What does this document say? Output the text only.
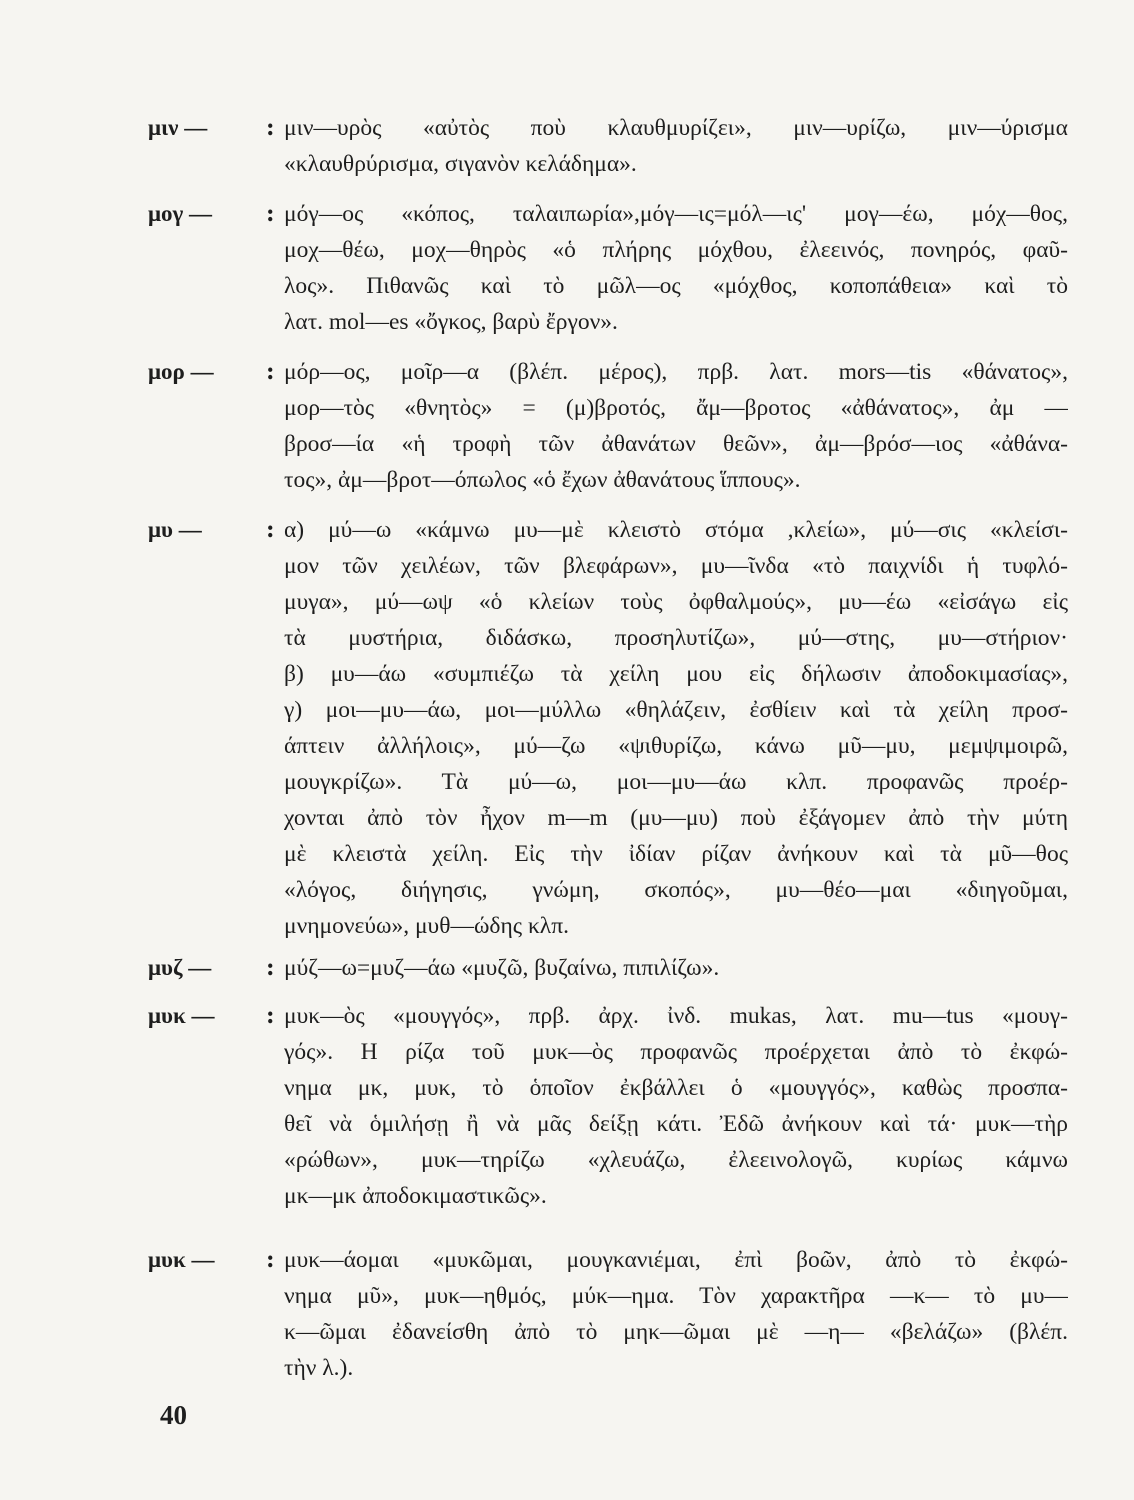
μιν —	: μιν—υρὸς «αὐτὸς ποὺ κλαυθμυρίζει», μιν—υρίζω, μιν—ύρισμα
«κλαυθρύρισμα, σιγανὸν κελάδημα».
μογ —	: μόγ—ος «κόπος, ταλαιπωρία»,μόγ—ις=μόλ—ις' μογ—έω, μόχ—θος,
μοχ—θέω, μοχ—θηρὸς «ὁ πλήρης μόχθου, ἐλεεινός, πονηρός, φαῦ-
λος». Πιθανῶς καὶ τὸ μῶλ—ος «μόχθος, κοποπάθεια» καὶ τὸ
λατ. mol—es «ὄγκος, βαρὺ ἔργον».
μορ —	: μόρ—ος, μοῖρ—α (βλέπ. μέρος), πρβ. λατ. mors—tis «θάνατος»,
μορ—τὸς «θνητὸς» = (μ)βροτός, ἄμ—βροτος «ἀθάνατος», ἀμ —
βροσ—ία «ἡ τροφὴ τῶν ἀθανάτων θεῶν», ἀμ—βρόσ—ιος «ἀθάνα-
τος», ἀμ—βροτ—όπωλος «ὁ ἔχων ἀθανάτους ἵππους».
μυ —	: α) μύ—ω «κάμνω μυ—μὲ κλειστὸ στόμα ,κλείω», μύ—σις «κλείσι-
μον τῶν χειλέων, τῶν βλεφάρων», μυ—ῖνδα «τὸ παιχνίδι ἡ τυφλό-
μυγα», μύ—ωψ «ὁ κλείων τοὺς ὀφθαλμούς», μυ—έω «εἰσάγω εἰς
τὰ μυστήρια, διδάσκω, προσηλυτίζω», μύ—στης, μυ—στήριον·
β) μυ—άω «συμπιέζω τὰ χείλη μου εἰς δήλωσιν ἀποδοκιμασίας»,
γ) μοι—μυ—άω, μοι—μύλλω «θηλάζειν, ἐσθίειν καὶ τὰ χείλη προσ-
άπτειν ἀλλήλοις», μύ—ζω «ψιθυρίζω, κάνω μῦ—μυ, μεμψιμοιρῶ,
μουγκρίζω». Τὰ μύ—ω, μοι—μυ—άω κλπ. προφανῶς προέρ-
χονται ἀπὸ τὸν ἦχον m—m (μυ—μυ) ποὺ ἐξάγομεν ἀπὸ τὴν μύτη
μὲ κλειστὰ χείλη. Εἰς τὴν ἰδίαν ρίζαν ἀνήκουν καὶ τὰ μῦ—θος
«λόγος, διήγησις, γνώμη, σκοπός», μυ—θέο—μαι «διηγοῦμαι,
μνημονεύω», μυθ—ώδης κλπ.
μυζ —	: μύζ—ω=μυζ—άω «μυζῶ, βυζαίνω, πιπιλίζω».
μυκ —	: μυκ—ὸς «μουγγός», πρβ. ἀρχ. ἰνδ. mukas, λατ. mu—tus «μουγ-
γός». Η ρίζα τοῦ μυκ—ὸς προφανῶς προέρχεται ἀπὸ τὸ ἐκφώ-
νημα μκ, μυκ, τὸ ὁποῖον ἐκβάλλει ὁ «μουγγός», καθὼς προσπα-
θεῖ νὰ ὁμιλήσῃ ἢ νὰ μᾶς δείξῃ κάτι. Ἐδῶ ἀνήκουν καὶ τά· μυκ—τὴρ
«ρώθων», μυκ—τηρίζω «χλευάζω, ἐλεεινολογῶ, κυρίως κάμνω
μκ—μκ ἀποδοκιμαστικῶς».
μυκ —	: μυκ—άομαι «μυκῶμαι, μουγκανιέμαι, ἐπὶ βοῶν, ἀπὸ τὸ ἐκφώ-
νημα μῦ», μυκ—ηθμός, μύκ—ημα. Τὸν χαρακτῆρα —κ— τὸ μυ—
κ—ῶμαι ἐδανείσθη ἀπὸ τὸ μηκ—ῶμαι μὲ —η— «βελάζω» (βλέπ.
τὴν λ.).
40
